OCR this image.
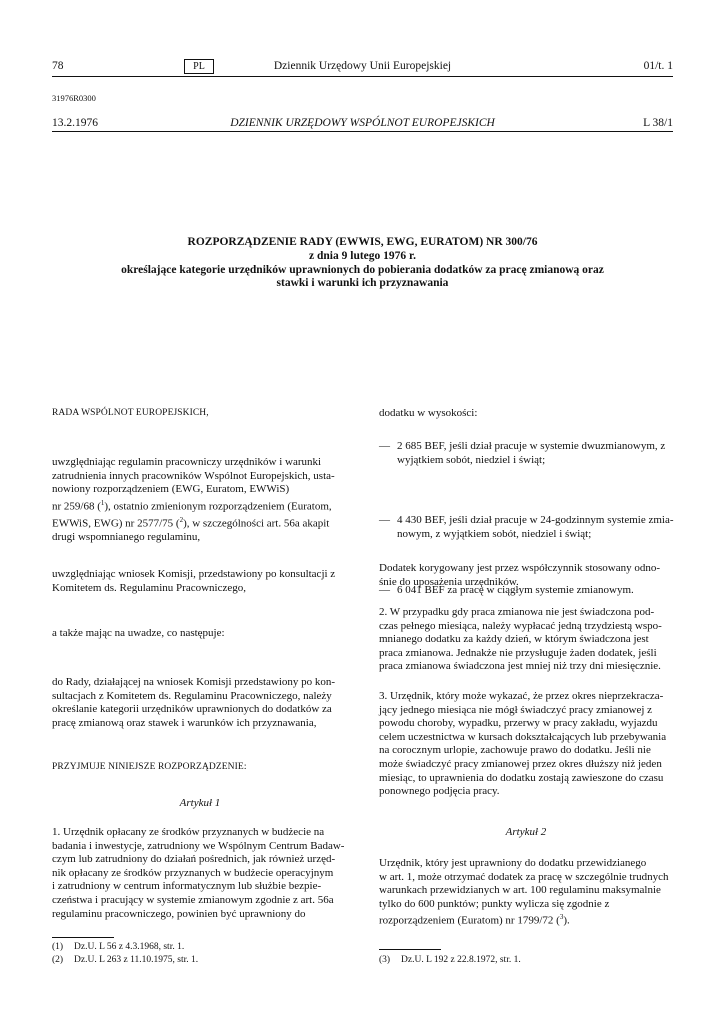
78	PL	Dziennik Urzędowy Unii Europejskiej	01/t. 1
31976R0300
13.2.1976	DZIENNIK URZĘDOWY WSPÓLNOT EUROPEJSKICH	L 38/1
ROZPORZĄDZENIE RADY (EWWIS, EWG, EURATOM) NR 300/76
z dnia 9 lutego 1976 r.
określające kategorie urzędników uprawnionych do pobierania dodatków za pracę zmianową oraz
stawki i warunki ich przyznawania

RADA WSPÓLNOT EUROPEJSKICH,

uwzględniając regulamin pracowniczy urzędników i warunki
zatrudnienia innych pracowników Wspólnot Europejskich, usta-
nowiony rozporządzeniem (EWG, Euratom, EWWiS)
nr 259/68 ($^1$), ostatnio zmienionym rozporządzeniem (Euratom,
EWWiS, EWG) nr 2577/75 ($^2$), w szczególności art. 56a akapit
drugi wspomnianego regulaminu,
uwzględniając wniosek Komisji, przedstawiony po konsultacji z
Komitetem ds. Regulaminu Pracowniczego,
a także mając na uwadze, co następuje:
do Rady, działającej na wniosek Komisji przedstawiony po kon-
sultacjach z Komitetem ds. Regulaminu Pracowniczego, należy
określanie kategorii urzędników uprawnionych do dodatków za
pracę zmianową oraz stawek i warunków ich przyznawania,

PRZYJMUJE NINIEJSZE ROZPORZĄDZENIE:

Artykuł 1
1. Urzędnik opłacany ze środków przyznanych w budżecie na
badania i inwestycje, zatrudniony we Wspólnym Centrum Badaw-
czym lub zatrudniony do działań pośrednich, jak również urzęd-
nik opłacany ze środków przyznanych w budżecie operacyjnym
i zatrudniony w centrum informatycznym lub służbie bezpie-
czeństwa i pracujący w systemie zmianowym zgodnie z art. 56a
regulaminu pracowniczego, powinien być uprawniony do
(1) Dz.U. L 56 z 4.3.1968, str. 1.
(2) Dz.U. L 263 z 11.10.1975, str. 1.
dodatku w wysokości:
— 2 685 BEF, jeśli dział pracuje w systemie dwuzmianowym, z
wyjątkiem sobót, niedziel i świąt;
— 4 430 BEF, jeśli dział pracuje w 24-godzinnym systemie zmia-
nowym, z wyjątkiem sobót, niedziel i świąt;
— 6 041 BEF za pracę w ciągłym systemie zmianowym.
Dodatek korygowany jest przez współczynnik stosowany odno-
śnie do uposażenia urzędników.
2. W przypadku gdy praca zmianowa nie jest świadczona pod-
czas pełnego miesiąca, należy wypłacać jedną trzydziestą wspo-
mnianego dodatku za każdy dzień, w którym świadczona jest
praca zmianowa. Jednakże nie przysługuje żaden dodatek, jeśli
praca zmianowa świadczona jest mniej niż trzy dni miesięcznie.
3. Urzędnik, który może wykazać, że przez okres nieprzekracza-
jący jednego miesiąca nie mógł świadczyć pracy zmianowej z
powodu choroby, wypadku, przerwy w pracy zakładu, wyjazdu
celem uczestnictwa w kursach dokształcających lub przebywania
na corocznym urlopie, zachowuje prawo do dodatku. Jeśli nie
może świadczyć pracy zmianowej przez okres dłuższy niż jeden
miesiąc, to uprawnienia do dodatku zostają zawieszone do czasu
ponownego podjęcia pracy.
Artykuł 2
Urzędnik, który jest uprawniony do dodatku przewidzianego
w art. 1, może otrzymać dodatek za pracę w szczególnie trudnych
warunkach przewidzianych w art. 100 regulaminu maksymalnie
tylko do 600 punktów; punkty wylicza się zgodnie z
rozporządzeniem (Euratom) nr 1799/72 ($^3$).
(3) Dz.U. L 192 z 22.8.1972, str. 1.
